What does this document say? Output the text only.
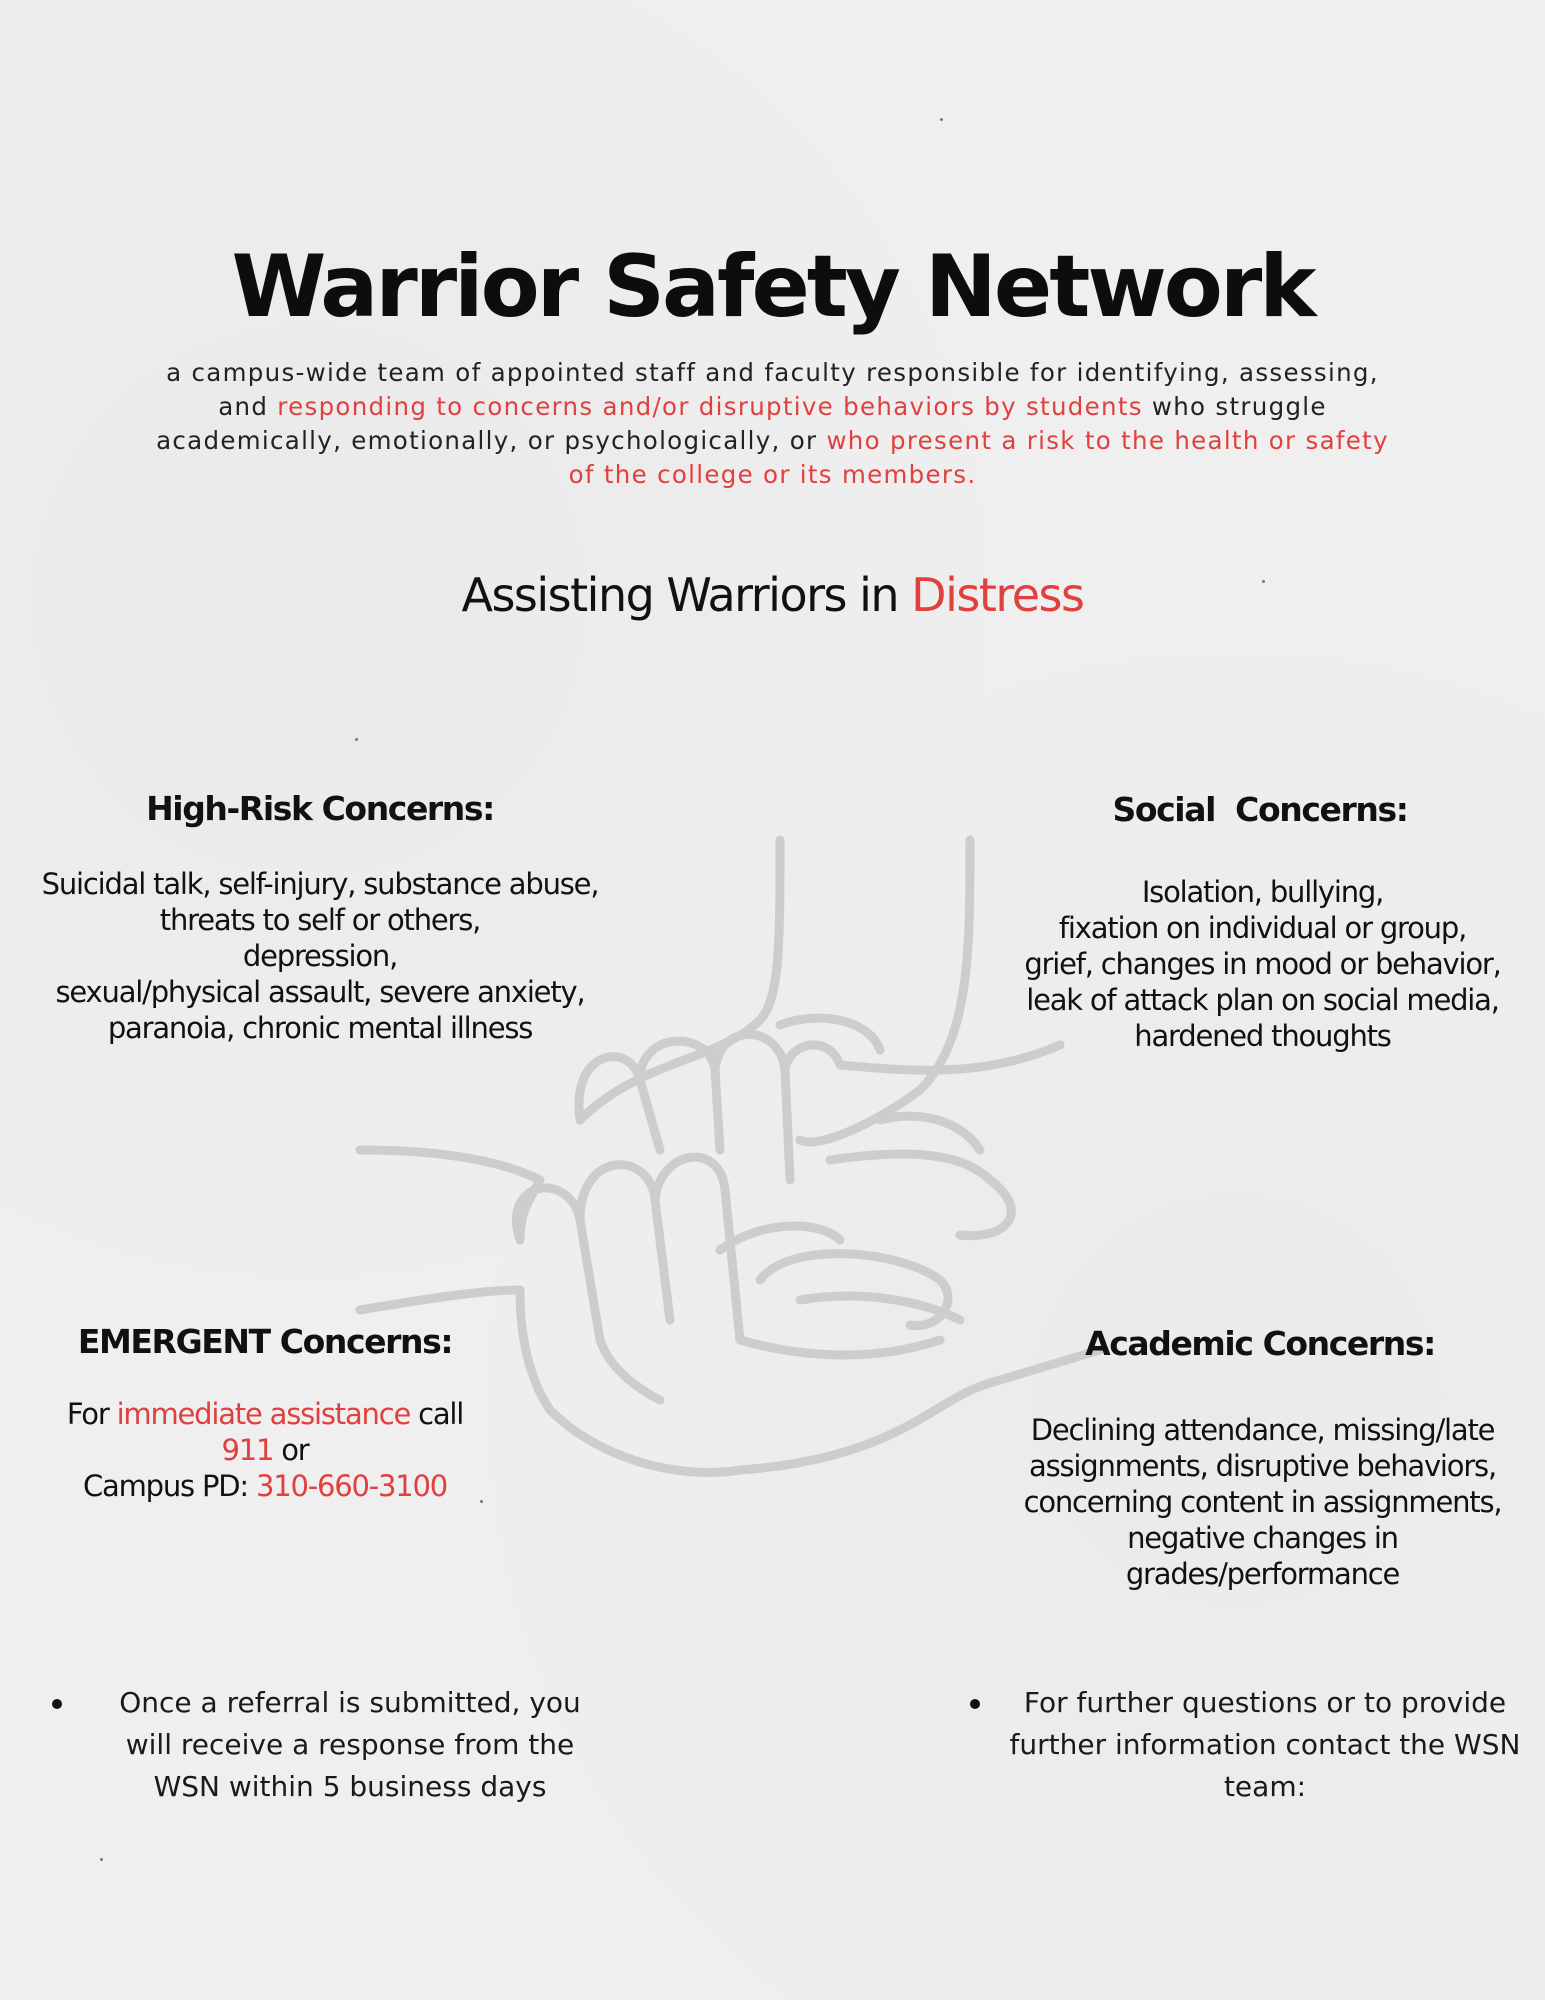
Warrior Safety Network
a campus-wide team of appointed staff and faculty responsible for identifying, assessing, and responding to concerns and/or disruptive behaviors by students who struggle academically, emotionally, or psychologically, or who present a risk to the health or safety of the college or its members.
Assisting Warriors in Distress
High-Risk Concerns:
Suicidal talk, self-injury, substance abuse,
threats to self or others,
depression,
sexual/physical assault, severe anxiety,
paranoia, chronic mental illness
Social  Concerns:
Isolation, bullying,
fixation on individual or group,
grief, changes in mood or behavior,
leak of attack plan on social media,
hardened thoughts
EMERGENT Concerns:
For immediate assistance call
911 or
Campus PD: 310-660-3100
Academic Concerns:
Declining attendance, missing/late
assignments, disruptive behaviors,
concerning content in assignments,
negative changes in
grades/performance
Once a referral is submitted, you will receive a response from the WSN within 5 business days
For further questions or to provide further information contact the WSN team:
